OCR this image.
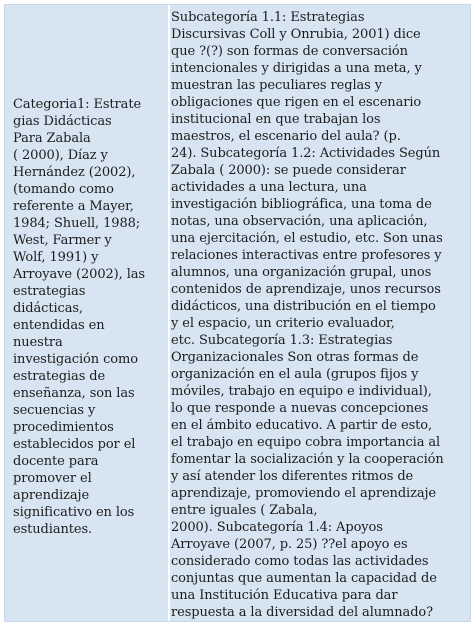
Categoria1: Estrate
gias Didácticas
Para Zabala
( 2000), Díaz y
Hernández (2002),
(tomando como
referente a Mayer,
1984; Shuell, 1988;
West, Farmer y
Wolf, 1991) y
Arroyave (2002), las
estrategias
didácticas,
entendidas en
nuestra
investigación como
estrategias de
enseñanza, son las
secuencias y
procedimientos
establecidos por el
docente para
promover el
aprendizaje
significativo en los
estudiantes.
Subcategoría 1.1: Estrategias
Discursivas Coll y Onrubia, 2001) dice
que ?(?) son formas de conversación
intencionales y dirigidas a una meta, y
muestran las peculiares reglas y
obligaciones que rigen en el escenario
institucional en que trabajan los
maestros, el escenario del aula? (p.
24). Subcategoría 1.2: Actividades Según
Zabala ( 2000): se puede considerar
actividades a una lectura, una
investigación bibliográfica, una toma de
notas, una observación, una aplicación,
una ejercitación, el estudio, etc. Son unas
relaciones interactivas entre profesores y
alumnos, una organización grupal, unos
contenidos de aprendizaje, unos recursos
didácticos, una distribución en el tiempo
y el espacio, un criterio evaluador,
etc. Subcategoría 1.3: Estrategias
Organizacionales Son otras formas de
organización en el aula (grupos fijos y
móviles, trabajo en equipo e individual),
lo que responde a nuevas concepciones
en el ámbito educativo. A partir de esto,
el trabajo en equipo cobra importancia al
fomentar la socialización y la cooperación
y así atender los diferentes ritmos de
aprendizaje, promoviendo el aprendizaje
entre iguales ( Zabala,
2000). Subcategoría 1.4: Apoyos
Arroyave (2007, p. 25) ??el apoyo es
considerado como todas las actividades
conjuntas que aumentan la capacidad de
una Institución Educativa para dar
respuesta a la diversidad del alumnado?
